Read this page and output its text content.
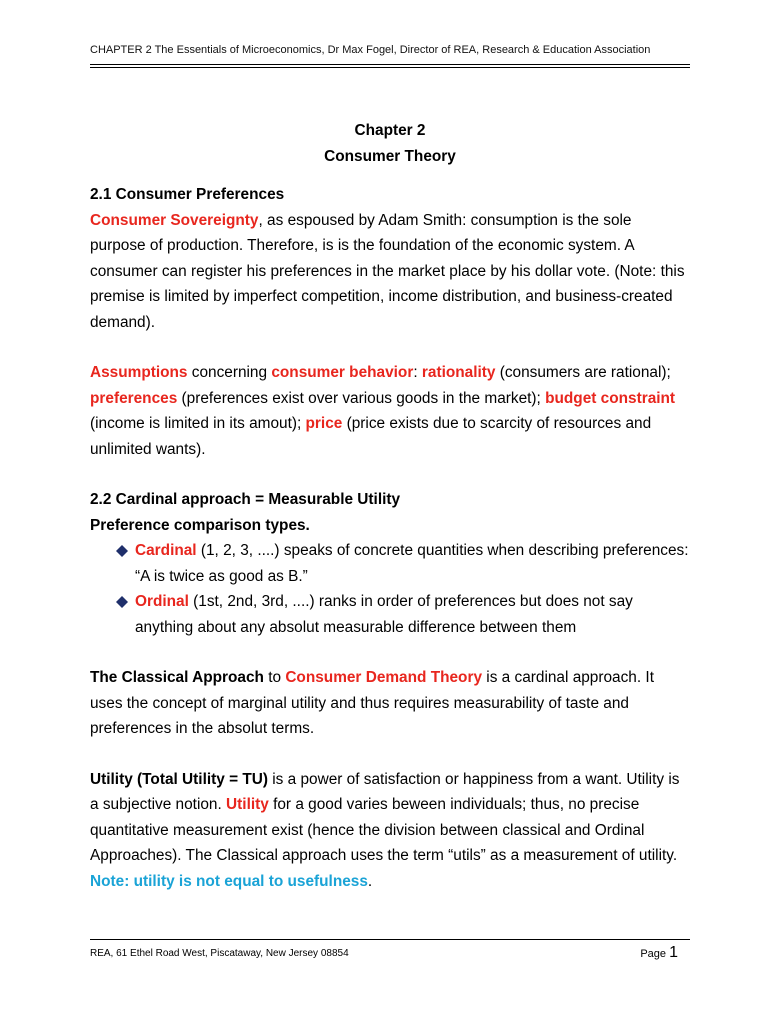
CHAPTER 2 The Essentials of Microeconomics, Dr Max Fogel, Director of REA, Research & Education Association
Chapter 2
Consumer Theory
2.1 Consumer Preferences

Consumer Sovereignty, as espoused by Adam Smith: consumption is the sole purpose of production. Therefore, is is the foundation of the economic system. A consumer can register his preferences in the market place by his dollar vote. (Note: this premise is limited by imperfect competition, income distribution, and business-created demand).

Assumptions concerning consumer behavior: rationality (consumers are rational); preferences (preferences exist over various goods in the market); budget constraint (income is limited in its amout); price (price exists due to scarcity of resources and unlimited wants).

2.2 Cardinal approach = Measurable Utility
Preference comparison types.
Cardinal (1, 2, 3, ....) speaks of concrete quantities when describing preferences: “A is twice as good as B.”
Ordinal (1st, 2nd, 3rd, ....) ranks in order of preferences but does not say anything about any absolut measurable difference between them

The Classical Approach to Consumer Demand Theory is a cardinal approach. It uses the concept of marginal utility and thus requires measurability of taste and preferences in the absolut terms.

Utility (Total Utility = TU) is a power of satisfaction or happiness from a want. Utility is a subjective notion. Utility for a good varies beween individuals; thus, no precise quantitative measurement exist (hence the division between classical and Ordinal Approaches). The Classical approach uses the term “utils” as a measurement of utility. Note: utility is not equal to usefulness.

REA, 61 Ethel Road West, Piscataway, New Jersey 08854	Page 1
